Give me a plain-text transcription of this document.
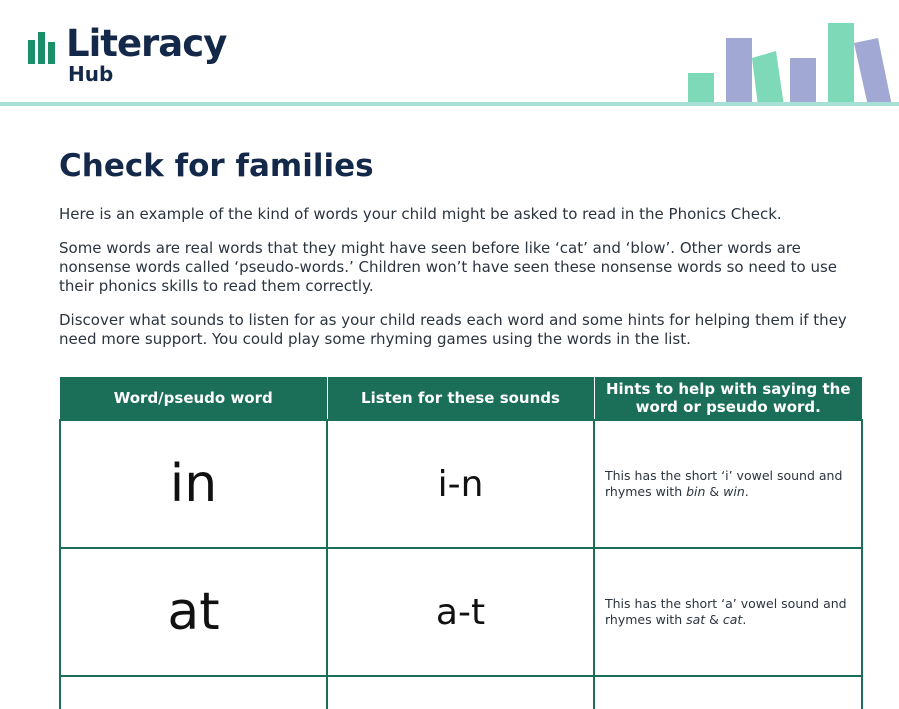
Literacy
Hub
Check for families

Here is an example of the kind of words your child might be asked to read in the Phonics Check.

Some words are real words that they might have seen before like ‘cat’ and ‘blow’. Other words are nonsense words called ‘pseudo-words.’ Children won’t have seen these nonsense words so need to use their phonics skills to read them correctly.

Discover what sounds to listen for as your child reads each word and some hints for helping them if they need more support. You could play some rhyming games using the words in the list.

Word/pseudo word	Listen for these sounds	Hints to help with saying the word or pseudo word.
in	i-n	This has the short ‘i’ vowel sound and rhymes with bin & win.
at	a-t	This has the short ‘a’ vowel sound and rhymes with sat & cat.
